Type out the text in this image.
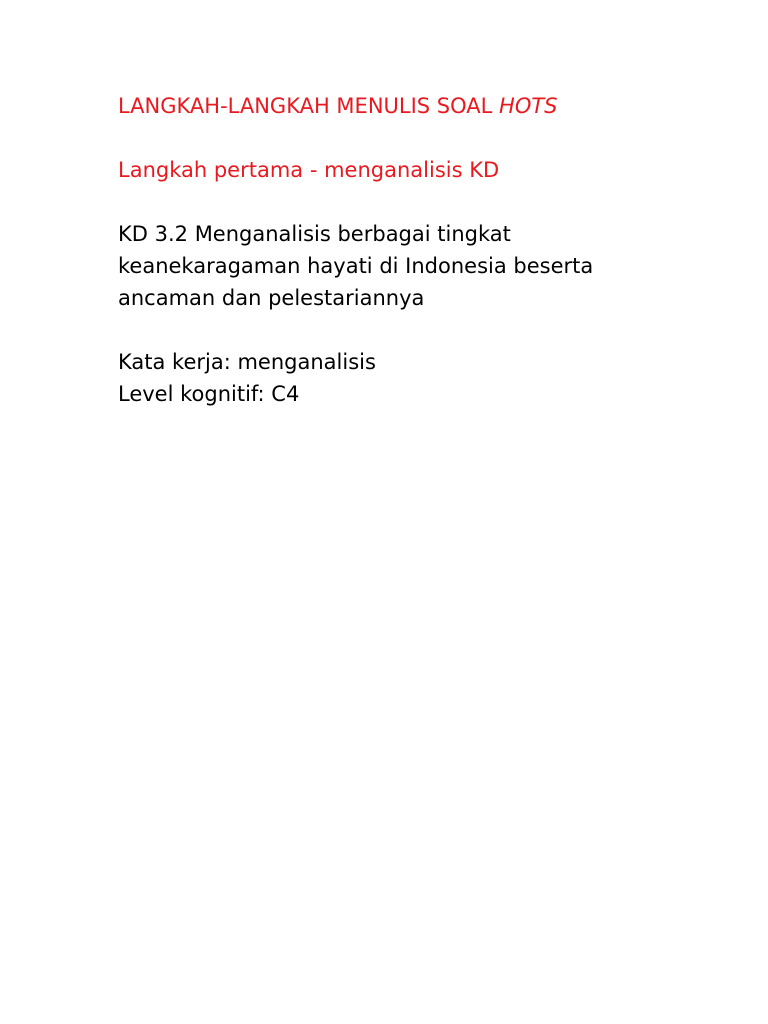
LANGKAH-LANGKAH MENULIS SOAL HOTS

Langkah pertama - menganalisis KD

KD 3.2 Menganalisis berbagai tingkat

keanekaragaman hayati di Indonesia beserta

ancaman dan pelestariannya

Kata kerja: menganalisis

Level kognitif: C4
